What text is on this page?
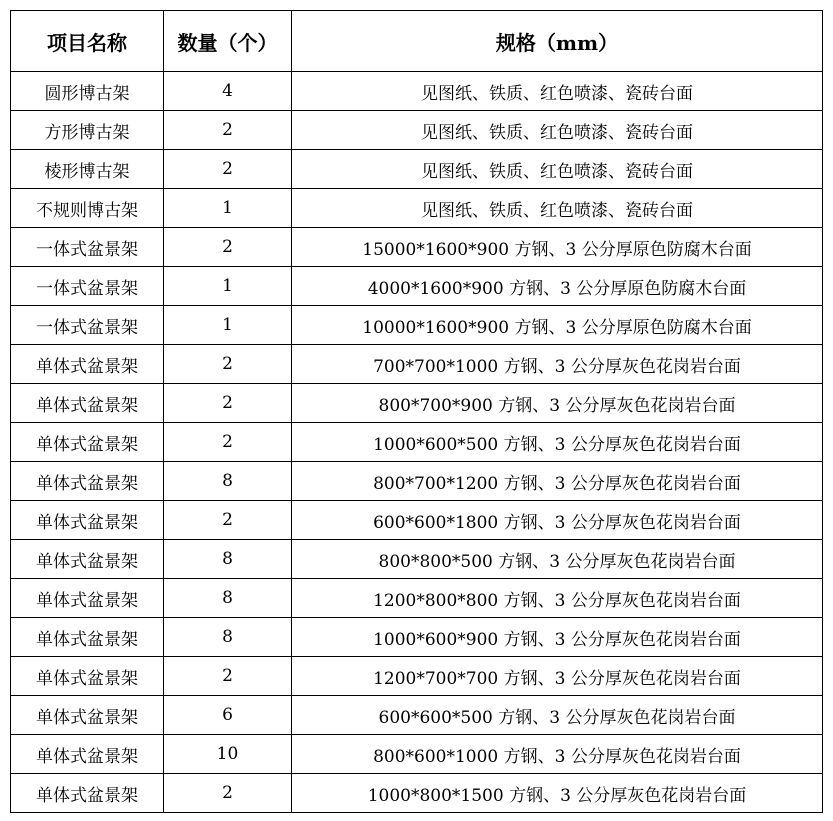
项目名称	数量（个）	规格（mm）
圆形博古架	4	见图纸、铁质、红色喷漆、瓷砖台面
方形博古架	2	见图纸、铁质、红色喷漆、瓷砖台面
棱形博古架	2	见图纸、铁质、红色喷漆、瓷砖台面
不规则博古架	1	见图纸、铁质、红色喷漆、瓷砖台面
一体式盆景架	2	15000*1600*900 方钢、3 公分厚原色防腐木台面
一体式盆景架	1	4000*1600*900 方钢、3 公分厚原色防腐木台面
一体式盆景架	1	10000*1600*900 方钢、3 公分厚原色防腐木台面
单体式盆景架	2	700*700*1000 方钢、3 公分厚灰色花岗岩台面
单体式盆景架	2	800*700*900 方钢、3 公分厚灰色花岗岩台面
单体式盆景架	2	1000*600*500 方钢、3 公分厚灰色花岗岩台面
单体式盆景架	8	800*700*1200 方钢、3 公分厚灰色花岗岩台面
单体式盆景架	2	600*600*1800 方钢、3 公分厚灰色花岗岩台面
单体式盆景架	8	800*800*500 方钢、3 公分厚灰色花岗岩台面
单体式盆景架	8	1200*800*800 方钢、3 公分厚灰色花岗岩台面
单体式盆景架	8	1000*600*900 方钢、3 公分厚灰色花岗岩台面
单体式盆景架	2	1200*700*700 方钢、3 公分厚灰色花岗岩台面
单体式盆景架	6	600*600*500 方钢、3 公分厚灰色花岗岩台面
单体式盆景架	10	800*600*1000 方钢、3 公分厚灰色花岗岩台面
单体式盆景架	2	1000*800*1500 方钢、3 公分厚灰色花岗岩台面
